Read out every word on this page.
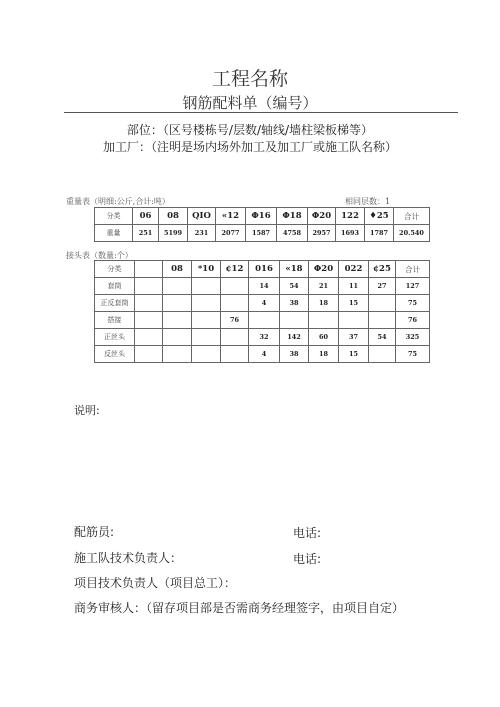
工程名称
钢筋配料单（编号）
部位：（区号楼栋号/层数/轴线/墙柱梁板梯等）
加工厂：（注明是场内场外加工及加工厂或施工队名称）
重量表（明细:公斤,合计:吨）	相同层数：1
分类	06	08	QIO	«12	Φ16	Φ18	Φ20	122	♦25	合计
重量	251	5199	231	2077	1587	4758	2957	1693	1787	20.540
接头表（数量:个）
分类		08	*10	¢12	016	«18	Φ20	022	¢25	合计
套筒					14	54	21	11	27	127
正反套筒					4	38	18	15		75
搭接				76						76
正丝头					32	142	60	37	54	325
反丝头					4	38	18	15		75
说明:
配筋员:	电话:
施工队技术负责人：	电话:
项目技术负责人（项目总工）：
商务审核人：（留存项目部是否需商务经理签字，由项目自定）
